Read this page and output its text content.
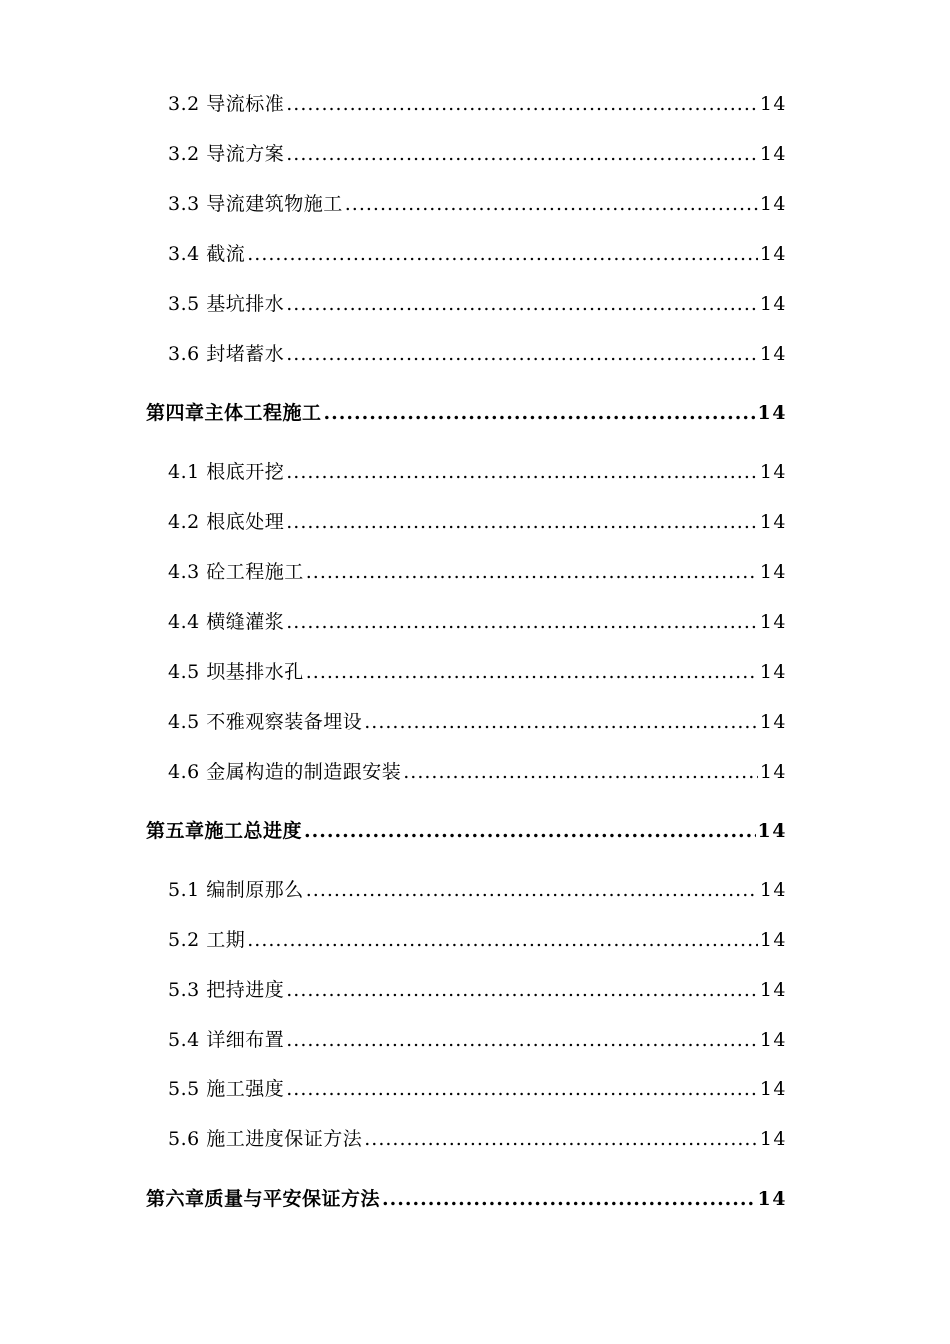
3.2 导流标准 .....	14
3.2 导流方案 .....	14
3.3 导流建筑物施工 .....	14
3.4 截流 .....	14
3.5 基坑排水 .....	14
3.6 封堵蓄水 .....	14
第四章主体工程施工 .....	14
4.1 根底开挖 .....	14
4.2 根底处理 .....	14
4.3 砼工程施工 .....	14
4.4 横缝灌浆 .....	14
4.5 坝基排水孔 .....	14
4.5 不雅观察装备埋设 .....	14
4.6 金属构造的制造跟安装 .....	14
第五章施工总进度 .....	14
5.1 编制原那么 .....	14
5.2 工期 .....	14
5.3 把持进度 .....	14
5.4 详细布置 .....	14
5.5 施工强度 .....	14
5.6 施工进度保证方法 .....	14
第六章质量与平安保证方法 .....	14
